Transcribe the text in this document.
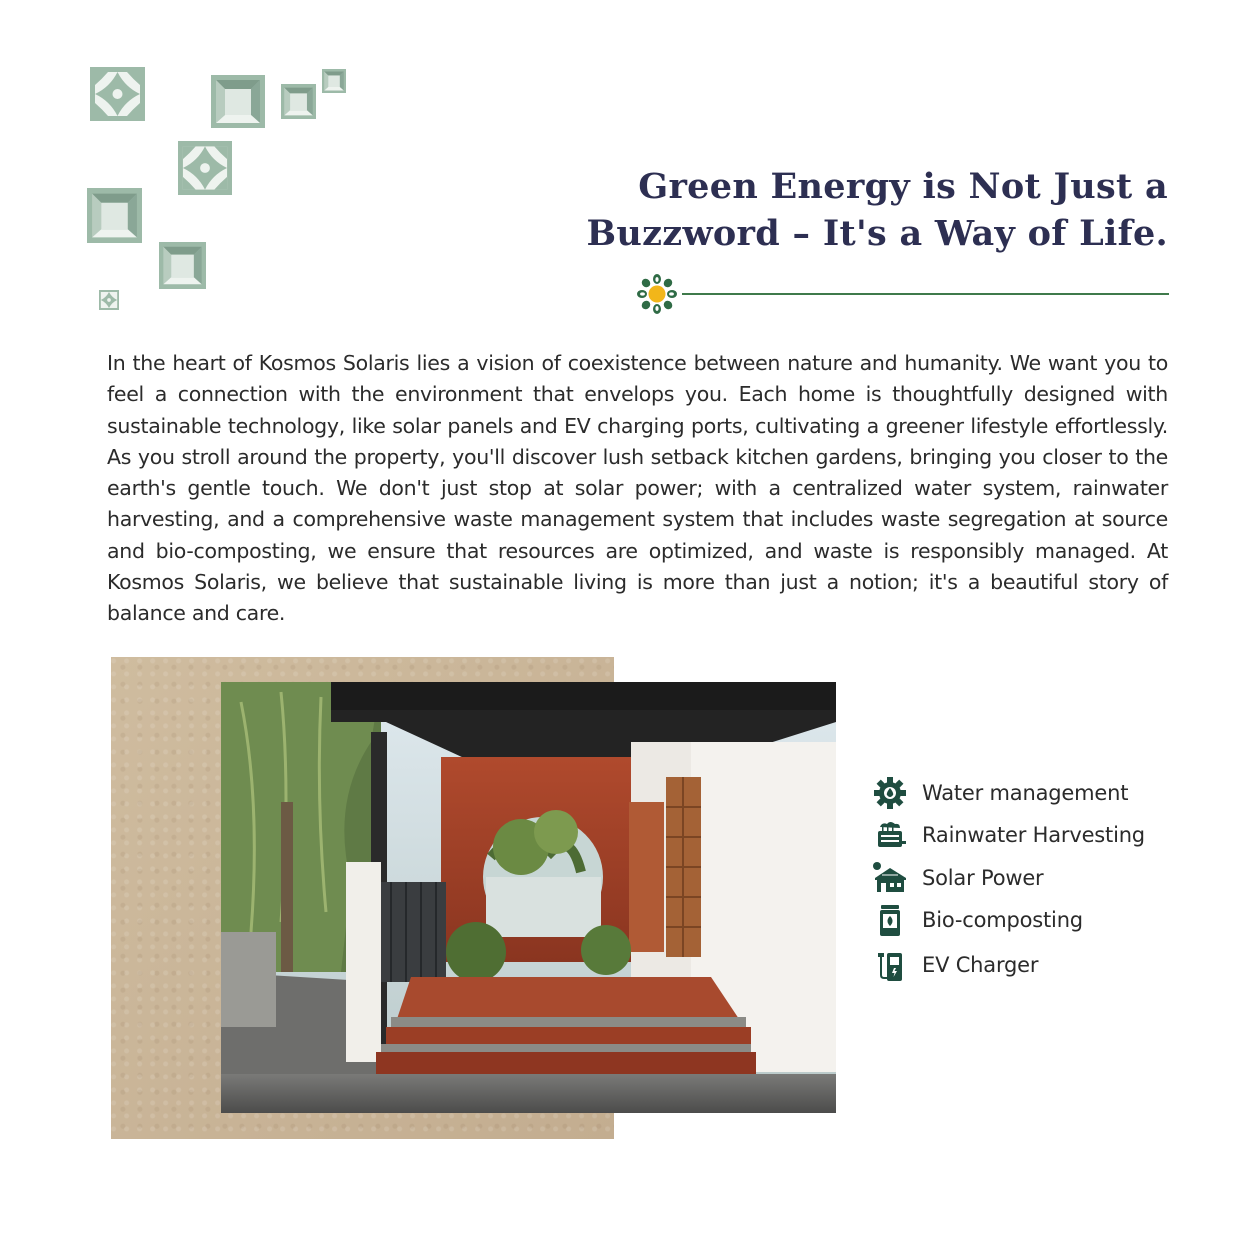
Green Energy is Not Just a
Buzzword – It's a Way of Life.

In the heart of Kosmos Solaris lies a vision of coexistence between nature and humanity. We want you to feel a connection with the environment that envelops you. Each home is thoughtfully designed with sustainable technology, like solar panels and EV charging ports, cultivating a greener lifestyle effortlessly. As you stroll around the property, you'll discover lush setback kitchen gardens, bringing you closer to the earth's gentle touch. We don't just stop at solar power; with a centralized water system, rainwater harvesting, and a comprehensive waste management system that includes waste segregation at source and bio-composting, we ensure that resources are optimized, and waste is responsibly managed. At Kosmos Solaris, we believe that sustainable living is more than just a notion; it's a beautiful story of balance and care.

Water management
Rainwater Harvesting
Solar Power
Bio-composting
EV Charger
